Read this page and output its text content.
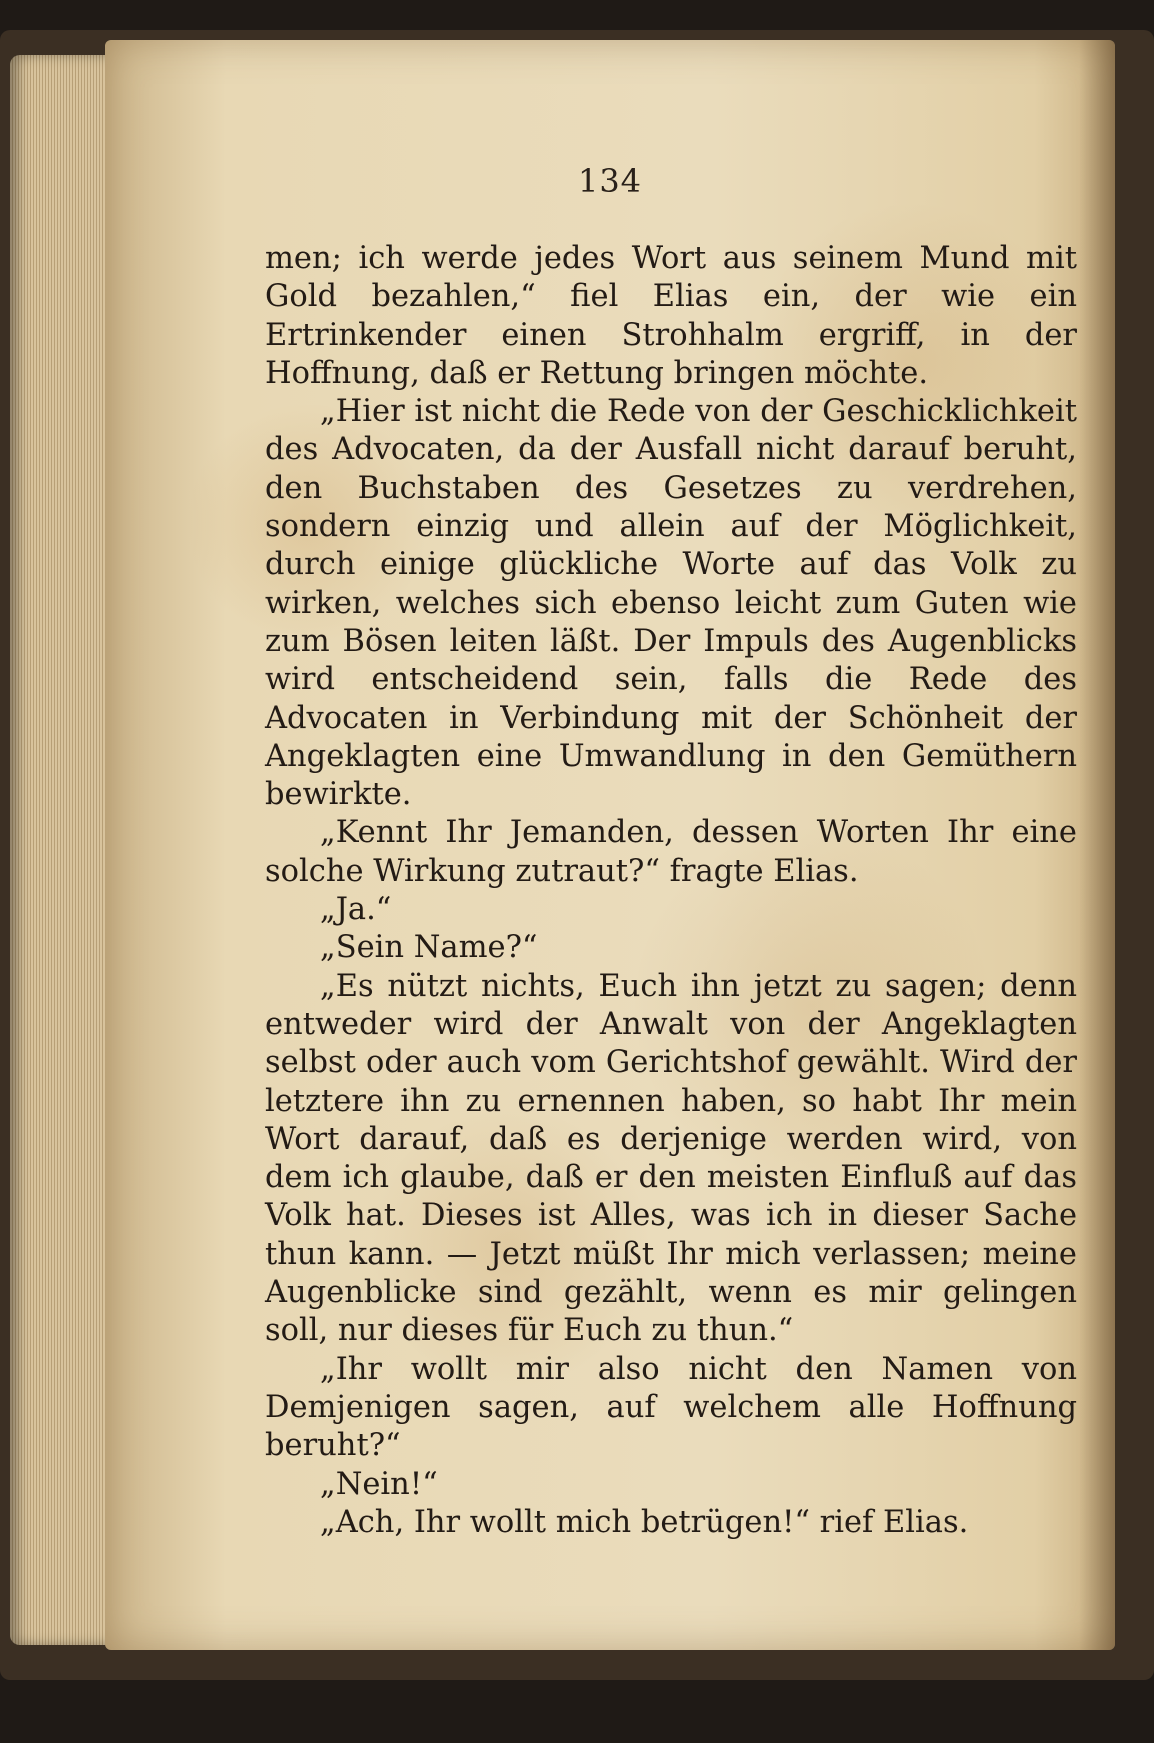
134

men; ich werde jedes Wort aus seinem Mund mit Gold bezahlen,“ fiel Elias ein, der wie ein Ertrinkender einen Strohhalm ergriff, in der Hoffnung, daß er Rettung bringen möchte.

„Hier ist nicht die Rede von der Geschicklichkeit des Advocaten, da der Ausfall nicht darauf beruht, den Buchstaben des Gesetzes zu verdrehen, sondern einzig und allein auf der Möglichkeit, durch einige glückliche Worte auf das Volk zu wirken, welches sich ebenso leicht zum Guten wie zum Bösen leiten läßt. Der Impuls des Augenblicks wird entscheidend sein, falls die Rede des Advocaten in Verbindung mit der Schönheit der Angeklagten eine Umwandlung in den Gemüthern bewirkte.

„Kennt Ihr Jemanden, dessen Worten Ihr eine solche Wirkung zutraut?“ fragte Elias.

„Ja.“

„Sein Name?“

„Es nützt nichts, Euch ihn jetzt zu sagen; denn entweder wird der Anwalt von der Angeklagten selbst oder auch vom Gerichtshof gewählt. Wird der letztere ihn zu ernennen haben, so habt Ihr mein Wort darauf, daß es derjenige werden wird, von dem ich glaube, daß er den meisten Einfluß auf das Volk hat. Dieses ist Alles, was ich in dieser Sache thun kann. — Jetzt müßt Ihr mich verlassen; meine Augenblicke sind gezählt, wenn es mir gelingen soll, nur dieses für Euch zu thun.“

„Ihr wollt mir also nicht den Namen von Demjenigen sagen, auf welchem alle Hoffnung beruht?“

„Nein!“

„Ach, Ihr wollt mich betrügen!“ rief Elias.
